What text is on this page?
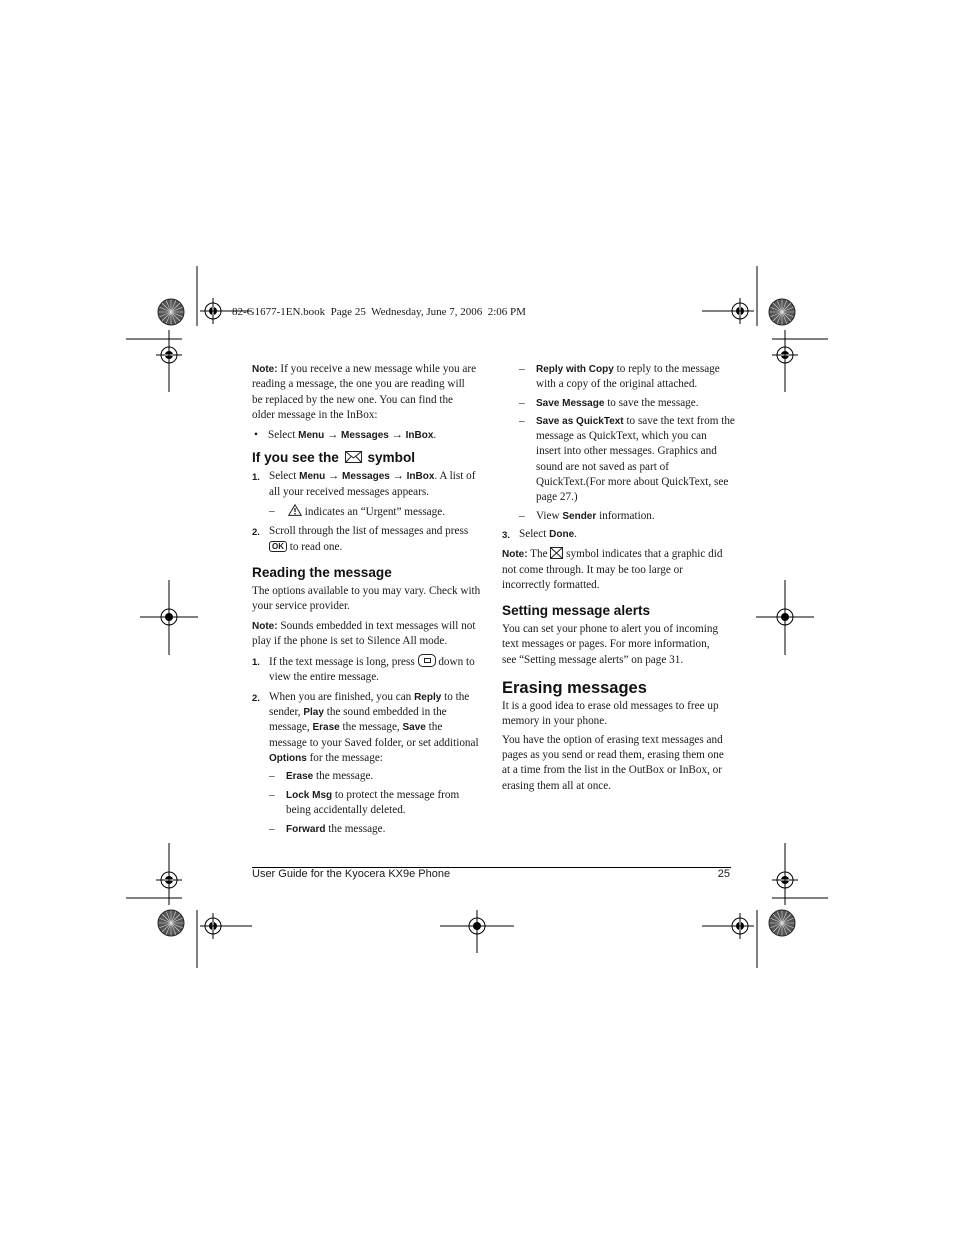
82-G1677-1EN.book  Page 25  Wednesday, June 7, 2006  2:06 PM

Note: If you receive a new message while you are

reading a message, the one you are reading will

be replaced by the new one. You can find the

older message in the InBox:

• Select Menu → Messages → InBox.

If you see the symbol

1. Select Menu → Messages → InBox. A list of

all your received messages appears.

–	indicates an “Urgent” message.

2. Scroll through the list of messages and press

OK to read one.

Reading the message

The options available to you may vary. Check with

your service provider.

Note: Sounds embedded in text messages will not

play if the phone is set to Silence All mode.

1. If the text message is long, press down to

view the entire message.

2. When you are finished, you can Reply to the

sender, Play the sound embedded in the

message, Erase the message, Save the

message to your Saved folder, or set additional

Options for the message:

– Erase the message.

– Lock Msg to protect the message from

being accidentally deleted.

– Forward the message.

– Reply with Copy to reply to the message

with a copy of the original attached.

– Save Message to save the message.

– Save as QuickText to save the text from the

message as QuickText, which you can

insert into other messages. Graphics and

sound are not saved as part of

QuickText.(For more about QuickText, see

page 27.)

– View Sender information.

3. Select Done.

Note: The symbol indicates that a graphic did

not come through. It may be too large or

incorrectly formatted.

Setting message alerts

You can set your phone to alert you of incoming

text messages or pages. For more information,

see “Setting message alerts” on page 31.

Erasing messages

It is a good idea to erase old messages to free up

memory in your phone.

You have the option of erasing text messages and

pages as you send or read them, erasing them one

at a time from the list in the OutBox or InBox, or

erasing them all at once.

User Guide for the Kyocera KX9e Phone	25
